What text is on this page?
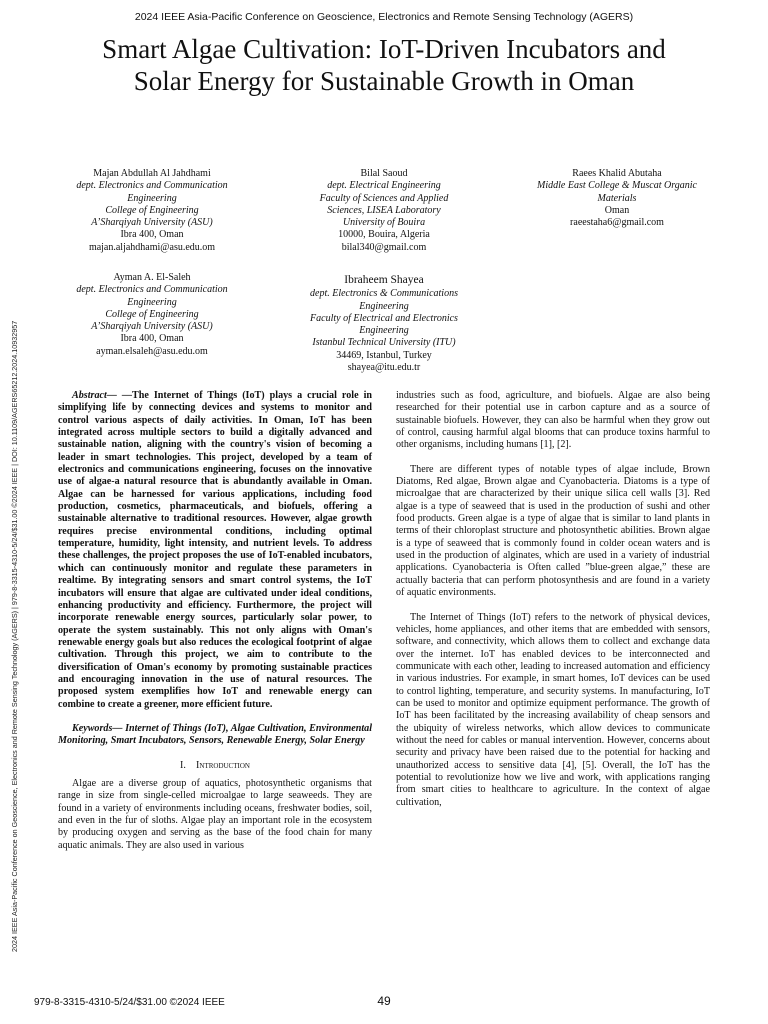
2024 IEEE Asia-Pacific Conference on Geoscience, Electronics and Remote Sensing Technology (AGERS)
Smart Algae Cultivation: IoT-Driven Incubators and
Solar Energy for Sustainable Growth in Oman
2024 IEEE Asia-Pacific Conference on Geoscience, Electronics and Remote Sensing Technology (AGERS) | 979-8-3315-4310-5/24/$31.00 ©2024 IEEE | DOI: 10.1109/AGERS65212.2024.10932957
Majan Abdullah Al Jahdhami
dept. Electronics and Communication
Engineering
College of Engineering
A’Sharqiyah University (ASU)
Ibra 400, Oman
majan.aljahdhami@asu.edu.om
Bilal Saoud
dept. Electrical Engineering
Faculty of Sciences and Applied
Sciences, LISEA Laboratory
University of Bouira
10000, Bouira, Algeria
bilal340@gmail.com
Raees Khalid Abutaha
Middle East College & Muscat Organic
Materials
Oman
raeestaha6@gmail.com
Ayman A. El-Saleh
dept. Electronics and Communication
Engineering
College of Engineering
A’Sharqiyah University (ASU)
Ibra 400, Oman
ayman.elsaleh@asu.edu.om
Ibraheem Shayea
dept. Electronics & Communications
Engineering
Faculty of Electrical and Electronics
Engineering
Istanbul Technical University (ITU)
34469, Istanbul, Turkey
shayea@itu.edu.tr

Abstract— —The Internet of Things (IoT) plays a crucial role in simplifying life by connecting devices and systems to monitor and control various aspects of daily activities. In Oman, IoT has been integrated across multiple sectors to build a digitally advanced and sustainable nation, aligning with the country's vision of becoming a leader in smart technologies. This project, developed by a team of electronics and communications engineering, focuses on the innovative use of algae-a natural resource that is abundantly available in Oman. Algae can be harnessed for various applications, including food production, cosmetics, pharmaceuticals, and biofuels, offering a sustainable alternative to traditional resources. However, algae growth requires precise environmental conditions, including optimal temperature, humidity, light intensity, and nutrient levels. To address these challenges, the project proposes the use of IoT-enabled incubators, which can continuously monitor and regulate these parameters in realtime. By integrating sensors and smart control systems, the IoT incubators will ensure that algae are cultivated under ideal conditions, enhancing productivity and efficiency. Furthermore, the project will incorporate renewable energy sources, particularly solar power, to operate the system sustainably. This not only aligns with Oman's renewable energy goals but also reduces the ecological footprint of algae cultivation. Through this project, we aim to contribute to the diversification of Oman's economy by promoting sustainable practices and encouraging innovation in the use of natural resources. The proposed system exemplifies how IoT and renewable energy can combine to create a greener, more efficient future.

Keywords— Internet of Things (IoT), Algae Cultivation, Environmental Monitoring, Smart Incubators, Sensors, Renewable Energy, Solar Energy

I. Introduction

Algae are a diverse group of aquatics, photosynthetic organisms that range in size from single-celled microalgae to large seaweeds. They are found in a variety of environments including oceans, freshwater bodies, soil, and even in the fur of sloths. Algae play an important role in the ecosystem by producing oxygen and serving as the base of the food chain for many aquatic animals. They are also used in various

industries such as food, agriculture, and biofuels. Algae are also being researched for their potential use in carbon capture and as a source of sustainable biofuels. However, they can also be harmful when they grow out of control, causing harmful algal blooms that can produce toxins harmful to other organisms, including humans [1], [2].

There are different types of notable types of algae include, Brown Diatoms, Red algae, Brown algae and Cyanobacteria. Diatoms is a type of microalgae that are characterized by their unique silica cell walls [3]. Red algae is a type of seaweed that is used in the production of sushi and other food products. Green algae is a type of algae that is similar to land plants in terms of their chloroplast structure and photosynthetic abilities. Brown algae is a type of seaweed that is commonly found in colder ocean waters and is used in the production of alginates, which are used in a variety of industrial applications. Cyanobacteria is Often called ”blue-green algae,” these are actually bacteria that can perform photosynthesis and are found in a variety of aquatic environments.

The Internet of Things (IoT) refers to the network of physical devices, vehicles, home appliances, and other items that are embedded with sensors, software, and connectivity, which allows them to collect and exchange data over the internet. IoT has enabled devices to be interconnected and communicate with each other, leading to increased automation and efficiency in various industries. For example, in smart homes, IoT devices can be used to control lighting, temperature, and security systems. In manufacturing, IoT can be used to monitor and optimize equipment performance. The growth of IoT has been facilitated by the increasing availability of cheap sensors and the ubiquity of wireless networks, which allow devices to communicate without the need for cables or manual intervention. However, concerns about security and privacy have been raised due to the potential for hacking and unauthorized access to sensitive data [4], [5]. Overall, the IoT has the potential to revolutionize how we live and work, with applications ranging from smart cities to healthcare to agriculture. In the context of algae cultivation,

979-8-3315-4310-5/24/$31.00 ©2024 IEEE	49
